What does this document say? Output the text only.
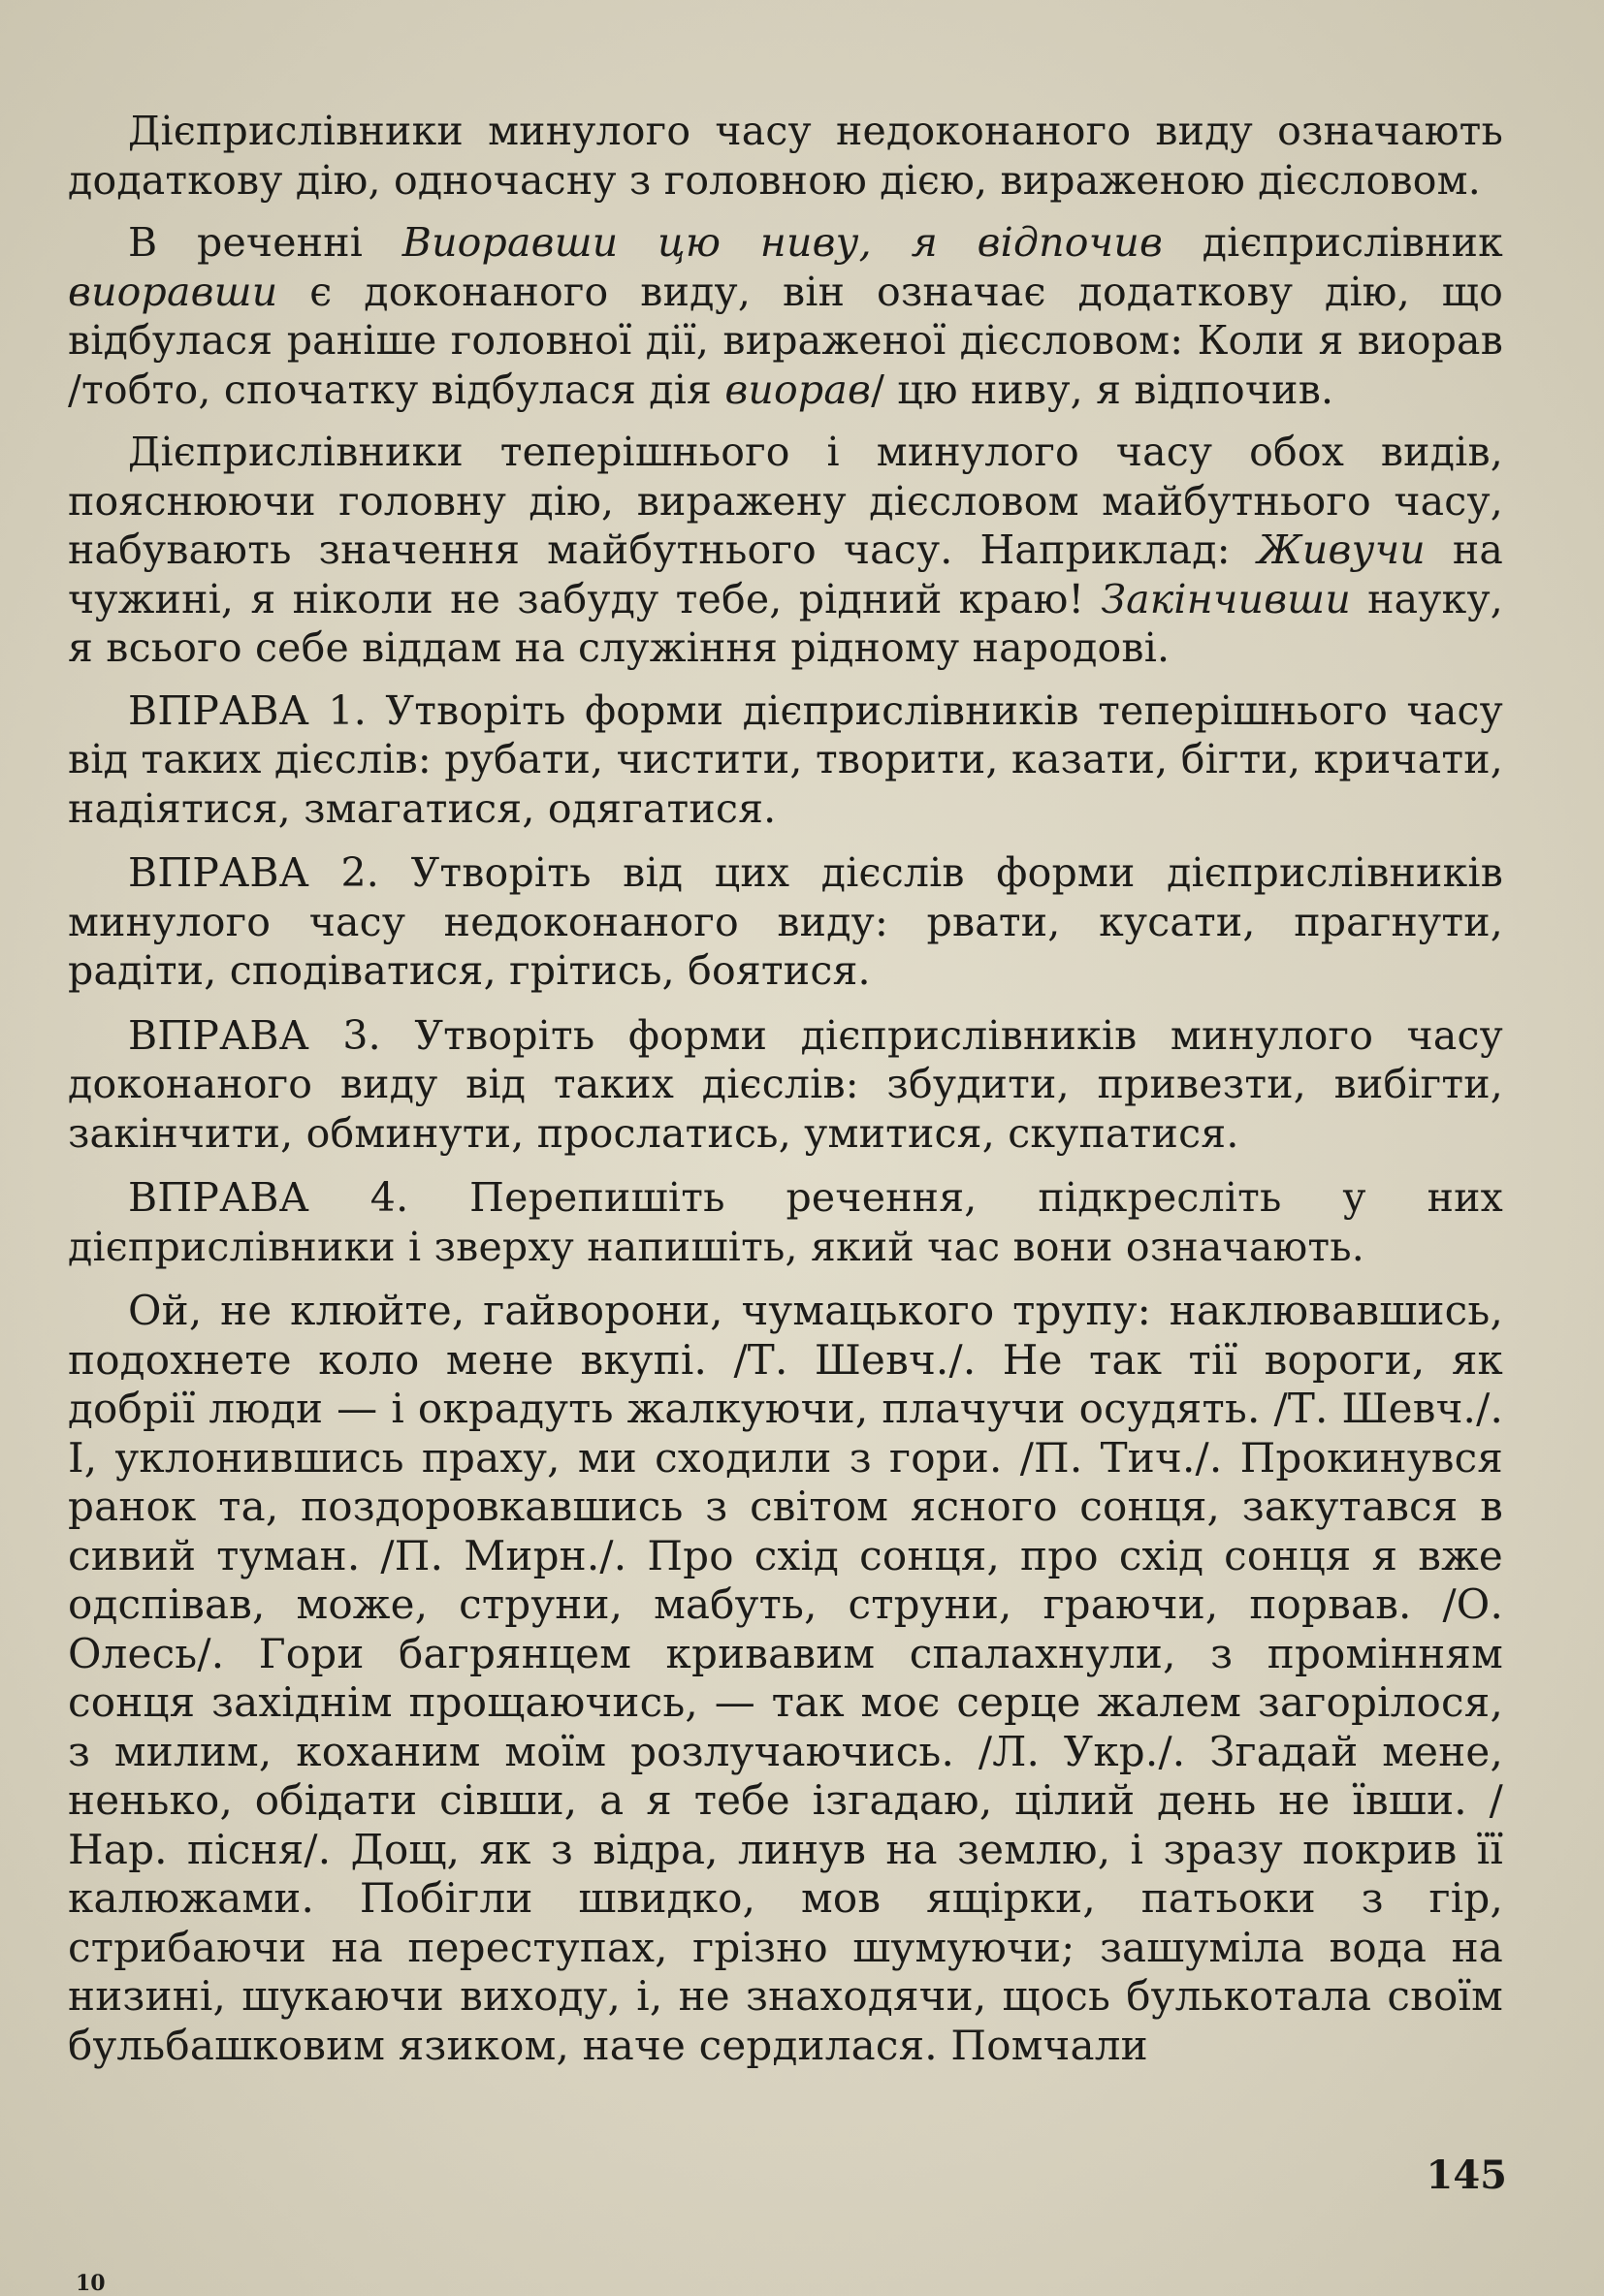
Дієприслівники минулого часу недоконаного виду означають додаткову дію, одночасну з головною дією, вираженою дієсловом.

В реченні Виоравши цю ниву, я відпочив дієприслівник виоравши є доконаного виду, він означає додаткову дію, що відбулася раніше головної дії, вираженої дієсловом: Коли я виорав /тобто, спочатку відбулася дія виорав/ цю ниву, я відпочив.

Дієприслівники теперішнього і минулого часу обох видів, пояснюючи головну дію, виражену дієсловом майбутнього часу, набувають значення майбутнього часу. Наприклад: Живучи на чужині, я ніколи не забуду тебе, рідний краю! Закінчивши науку, я всього себе віддам на служіння рідному народові.

ВПРАВА 1. Утворіть форми дієприслівників теперішнього часу від таких дієслів: рубати, чистити, творити, казати, бігти, кричати, надіятися, змагатися, одягатися.

ВПРАВА 2. Утворіть від цих дієслів форми дієприслівників минулого часу недоконаного виду: рвати, кусати, прагнути, радіти, сподіватися, грітись, боятися.

ВПРАВА 3. Утворіть форми дієприслівників минулого часу доконаного виду від таких дієслів: збудити, привезти, вибігти, закінчити, обминути, прослатись, умитися, скупатися.

ВПРАВА 4. Перепишіть речення, підкресліть у них дієприслівники і зверху напишіть, який час вони означають.

Ой, не клюйте, гайворони, чумацького трупу: наклювавшись, подохнете коло мене вкупі. /Т. Шевч./. Не так тії вороги, як добрії люди — і окрадуть жалкуючи, плачучи осудять. /Т. Шевч./. І, уклонившись праху, ми сходили з гори. /П. Тич./. Прокинувся ранок та, поздоровкавшись з світом ясного сонця, закутався в сивий туман. /П. Мирн./. Про схід сонця, про схід сонця я вже одспівав, може, струни, мабуть, струни, граючи, порвав. /О. Олесь/. Гори багрянцем кривавим спалахнули, з промінням сонця західнім прощаючись, — так моє серце жалем загорілося, з милим, коханим моїм розлучаючись. /Л. Укр./. Згадай мене, ненько, обідати сівши, а я тебе ізгадаю, цілий день не ївши. /Нар. пісня/. Дощ, як з відра, линув на землю, і зразу покрив її калюжами. Побігли швидко, мов ящірки, патьоки з гір, стрибаючи на переступах, грізно шумуючи; зашуміла вода на низині, шукаючи виходу, і, не знаходячи, щось булькотала своїм бульбашковим язиком, наче сердилася. Помчали

145
10
